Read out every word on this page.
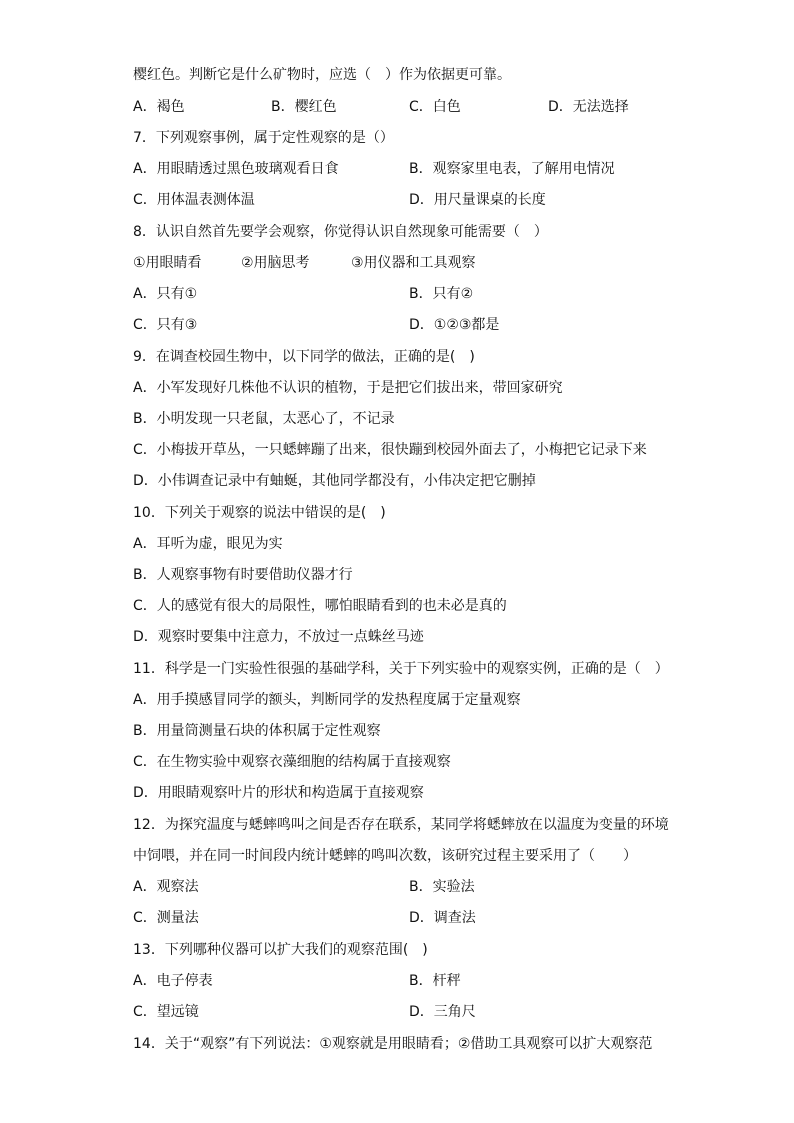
樱红色。判断它是什么矿物时，应选（　）作为依据更可靠。
A．褐色	B．樱红色	C．白色	D．无法选择
7．下列观察事例，属于定性观察的是（）
A．用眼睛透过黑色玻璃观看日食	B．观察家里电表，了解用电情况
C．用体温表测体温	D．用尺量课桌的长度
8．认识自然首先要学会观察，你觉得认识自然现象可能需要（　）
①用眼睛看	②用脑思考	③用仪器和工具观察
A．只有①	B．只有②
C．只有③	D．①②③都是
9．在调查校园生物中，以下同学的做法，正确的是(　)
A．小军发现好几株他不认识的植物，于是把它们拔出来，带回家研究
B．小明发现一只老鼠，太恶心了，不记录
C．小梅拔开草丛，一只蟋蟀蹦了出来，很快蹦到校园外面去了，小梅把它记录下来
D．小伟调查记录中有蚰蜒，其他同学都没有，小伟决定把它删掉
10．下列关于观察的说法中错误的是(　)
A．耳听为虚，眼见为实
B．人观察事物有时要借助仪器才行
C．人的感觉有很大的局限性，哪怕眼睛看到的也未必是真的
D．观察时要集中注意力，不放过一点蛛丝马迹
11．科学是一门实验性很强的基础学科，关于下列实验中的观察实例，正确的是（　）
A．用手摸感冒同学的额头，判断同学的发热程度属于定量观察
B．用量筒测量石块的体积属于定性观察
C．在生物实验中观察衣藻细胞的结构属于直接观察
D．用眼睛观察叶片的形状和构造属于直接观察
12．为探究温度与蟋蟀鸣叫之间是否存在联系，某同学将蟋蟀放在以温度为变量的环境
中饲喂，并在同一时间段内统计蟋蟀的鸣叫次数，该研究过程主要采用了（　　）
A．观察法	B．实验法
C．测量法	D．调查法
13．下列哪种仪器可以扩大我们的观察范围(　)
A．电子停表	B．杆秤
C．望远镜	D．三角尺
14．关于“观察”有下列说法：①观察就是用眼睛看；②借助工具观察可以扩大观察范
